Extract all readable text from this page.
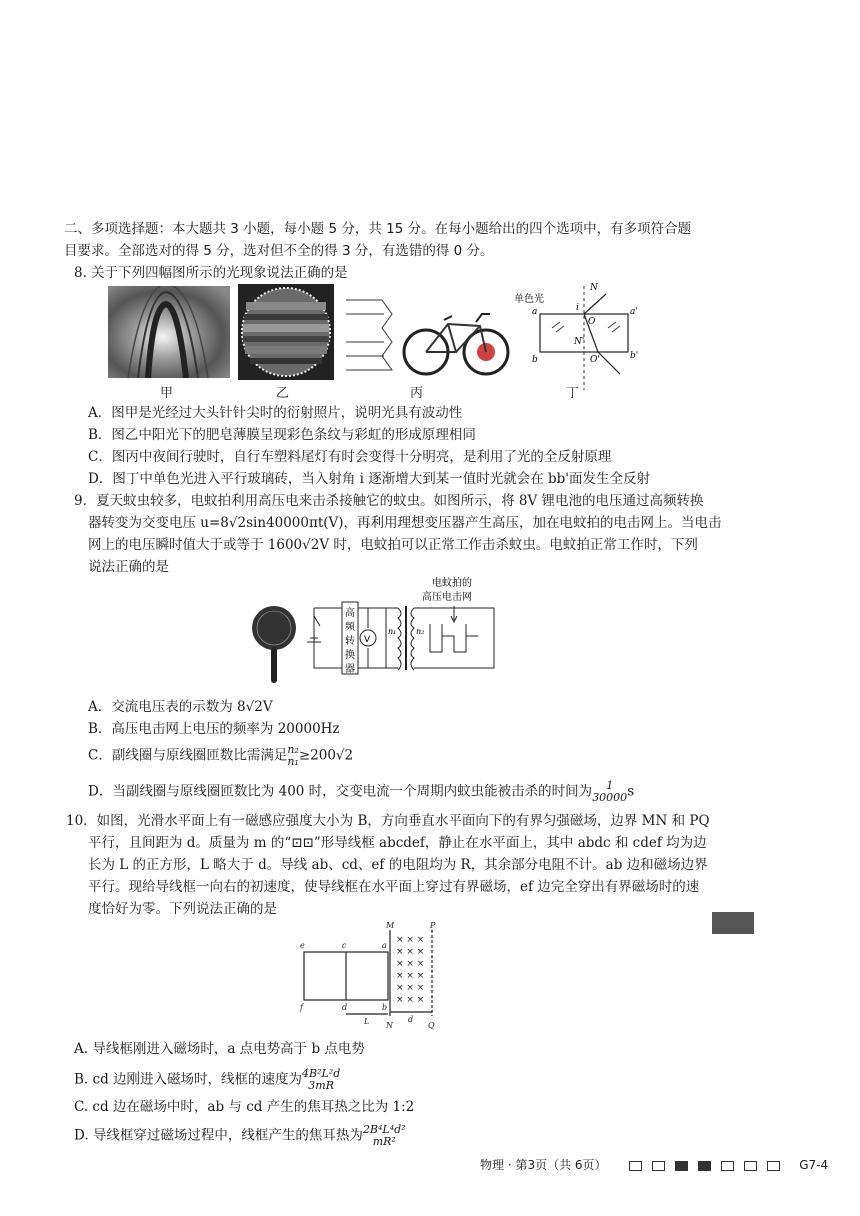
二、多项选择题：本大题共 3 小题，每小题 5 分，共 15 分。在每小题给出的四个选项中，有多项符合题
目要求。全部选对的得 5 分，选对但不全的得 3 分，有选错的得 0 分。
8. 关于下列四幅图所示的光现象说法正确的是
甲	乙	丙
单色光
N
a	a'
b	b'
O
O'
N'
i
丁
A．图甲是光经过大头针针尖时的衍射照片，说明光具有波动性
B．图乙中阳光下的肥皂薄膜呈现彩色条纹与彩虹的形成原理相同
C．图丙中夜间行驶时，自行车塑料尾灯有时会变得十分明亮，是利用了光的全反射原理
D．图丁中单色光进入平行玻璃砖，当入射角 i 逐渐增大到某一值时光就会在 bb'面发生全反射
9．夏天蚊虫较多，电蚊拍利用高压电来击杀接触它的蚊虫。如图所示，将 8V 锂电池的电压通过高频转换
器转变为交变电压 u=8√2sin40000πt(V)，再利用理想变压器产生高压，加在电蚊拍的电击网上。当电击
网上的电压瞬时值大于或等于 1600√2V 时，电蚊拍可以正常工作击杀蚊虫。电蚊拍正常工作时，下列
说法正确的是
V
n₁ n₂
电蚊拍的
高压电击网
高
频
转
换
器
A．交流电压表的示数为 8√2V
B．高压电击网上电压的频率为 20000Hz
C．副线圈与原线圈匝数比需满足 n₂
n₁ ≥200√2
D．当副线圈与原线圈匝数比为 400 时，交变电流一个周期内蚊虫能被击杀的时间为	1
30000 s
10．如图，光滑水平面上有一磁感应强度大小为 B，方向垂直水平面向下的有界匀强磁场，边界 MN 和 PQ
平行，且间距为 d。质量为 m 的“⊡⊡”形导线框 abcdef，静止在水平面上，其中 abdc 和 cdef 均为边
长为 L 的正方形，L 略大于 d。导线 ab、cd、ef 的电阻均为 R，其余部分电阻不计。ab 边和磁场边界
平行。现给导线框一向右的初速度，使导线框在水平面上穿过有界磁场，ef 边完全穿出有界磁场时的速
度恰好为零。下列说法正确的是
× × ×
× × ×
× × ×
× × ×
× × ×
× × ×
e	c	a
f	d	b
M	P
N	Q
L	d
A. 导线框刚进入磁场时，a 点电势高于 b 点电势
B. cd 边刚进入磁场时，线框的速度为 4B²L²d
3mR
C. cd 边在磁场中时，ab 与 cd 产生的焦耳热之比为 1:2
D. 导线框穿过磁场过程中，线框产生的焦耳热为 2B⁴L⁴d²
mR²
物理 · 第3页（共 6页）	G7-4
